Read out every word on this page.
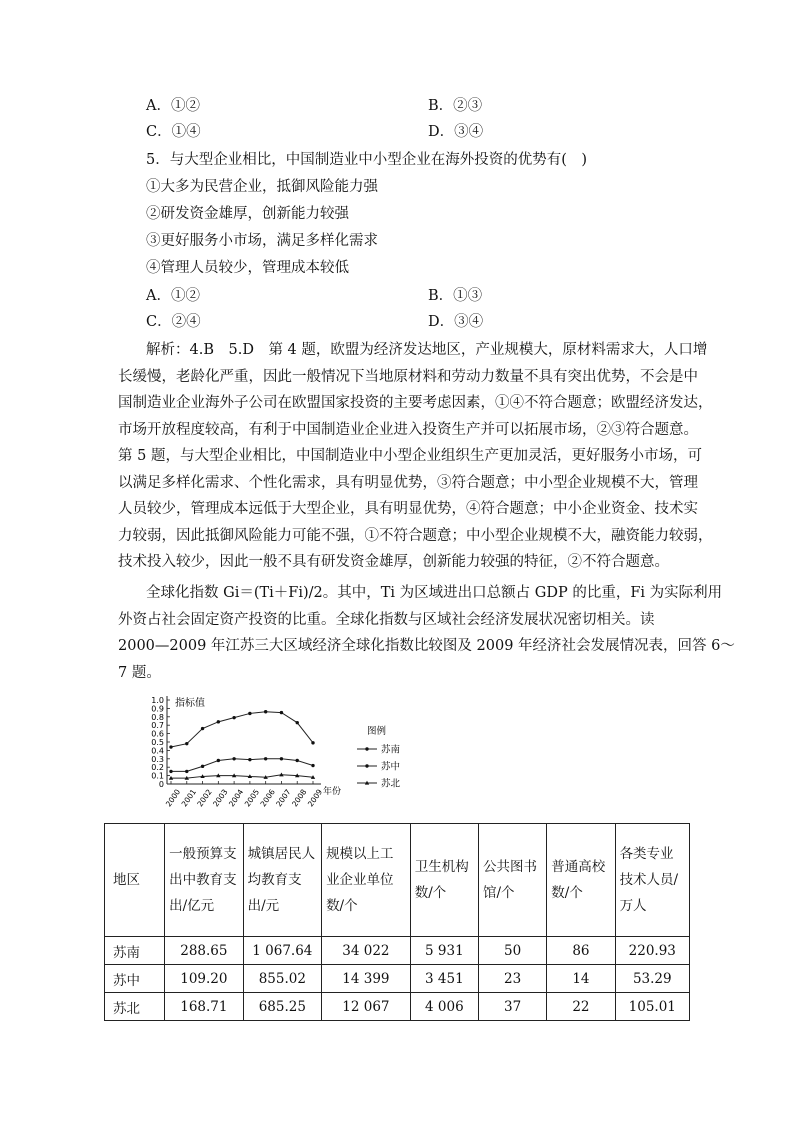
A．①②	B．②③
C．①④	D．③④
5．与大型企业相比，中国制造业中小型企业在海外投资的优势有(　)
①大多为民营企业，抵御风险能力强
②研发资金雄厚，创新能力较强
③更好服务小市场，满足多样化需求
④管理人员较少，管理成本较低
A．①②	B．①③
C．②④	D．③④
解析：4.B　5.D　第 4 题，欧盟为经济发达地区，产业规模大，原材料需求大，人口增
长缓慢，老龄化严重，因此一般情况下当地原材料和劳动力数量不具有突出优势，不会是中
国制造业企业海外子公司在欧盟国家投资的主要考虑因素，①④不符合题意；欧盟经济发达，
市场开放程度较高，有利于中国制造业企业进入投资生产并可以拓展市场，②③符合题意。
第 5 题，与大型企业相比，中国制造业中小型企业组织生产更加灵活，更好服务小市场，可
以满足多样化需求、个性化需求，具有明显优势，③符合题意；中小型企业规模不大，管理
人员较少，管理成本远低于大型企业，具有明显优势，④符合题意；中小企业资金、技术实
力较弱，因此抵御风险能力可能不强，①不符合题意；中小型企业规模不大，融资能力较弱，
技术投入较少，因此一般不具有研发资金雄厚，创新能力较强的特征，②不符合题意。
全球化指数 Gi＝(Ti＋Fi)/2。其中，Ti 为区域进出口总额占 GDP 的比重，Fi 为实际利用
外资占社会固定资产投资的比重。全球化指数与区域社会经济发展状况密切相关。读
2000—2009 年江苏三大区域经济全球化指数比较图及 2009 年经济社会发展情况表，回答 6～
7 题。
0
0.1
0.2
0.3
0.4
0.5
0.6
0.7
0.8
0.9
1.0
2000
2001
2002
2003
2004
2005
2006
2007
2008
2009
指标值
年份
图例
苏南
苏中
苏北
地区	一般预算支出中教育支出/亿元	城镇居民人均教育支出/元	规模以上工业企业单位数/个	卫生机构数/个	公共图书馆/个	普通高校数/个	各类专业技术人员/万人
苏南	288.65	1 067.64	34 022	5 931	50	86	220.93
苏中	109.20	855.02	14 399	3 451	23	14	53.29
苏北	168.71	685.25	12 067	4 006	37	22	105.01
